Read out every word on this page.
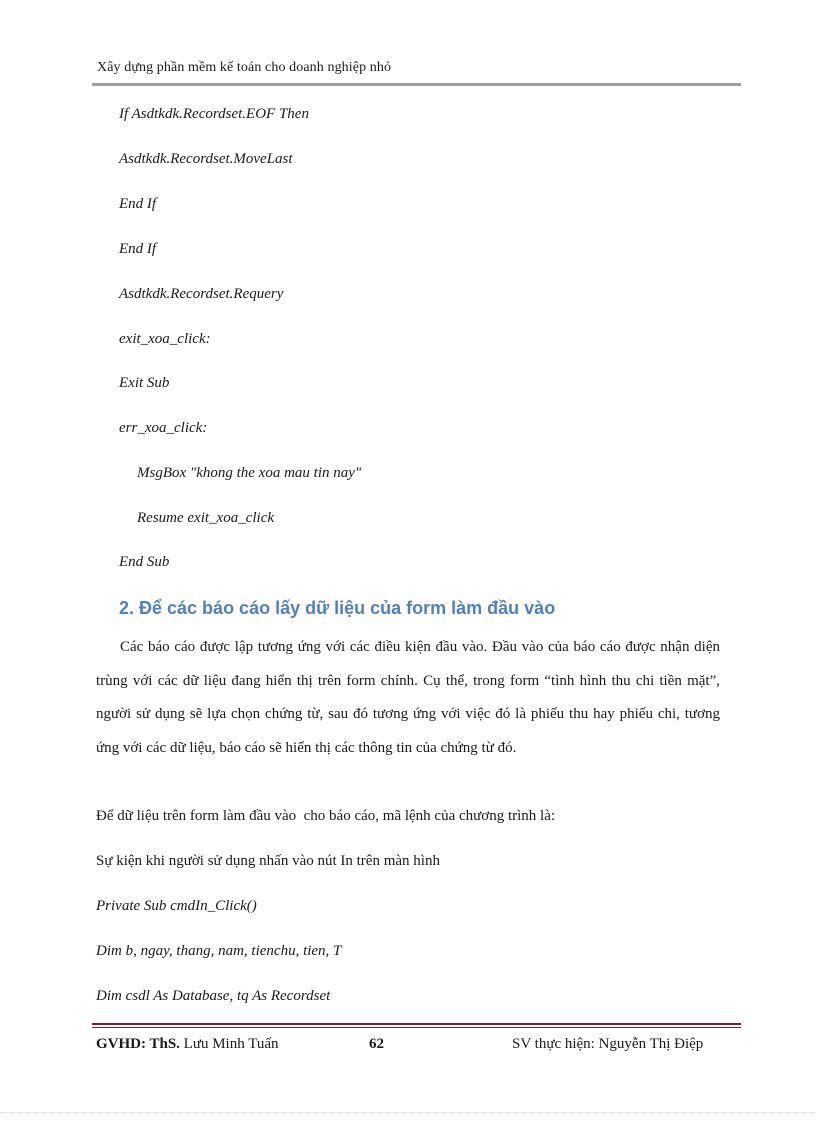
Xây dựng phần mềm kế toán cho doanh nghiệp nhỏ
If Asdtkdk.Recordset.EOF Then
Asdtkdk.Recordset.MoveLast
End If
End If
Asdtkdk.Recordset.Requery
exit_xoa_click:
Exit Sub
err_xoa_click:
MsgBox "khong the xoa mau tin nay"
Resume exit_xoa_click
End Sub
2. Để các báo cáo lấy dữ liệu của form làm đầu vào
Các báo cáo được lập tương ứng với các điều kiện đầu vào. Đầu vào của báo cáo được nhận diện trùng với các dữ liệu đang hiển thị trên form chính. Cụ thể, trong form “tình hình thu chi tiền mặt”, người sử dụng sẽ lựa chọn chứng từ, sau đó tương ứng với việc đó là phiếu thu hay phiếu chi, tương ứng với các dữ liệu, báo cáo sẽ hiển thị các thông tin của chứng từ đó.
Để dữ liệu trên form làm đầu vào  cho báo cáo, mã lệnh của chương trình là:
Sự kiện khi người sử dụng nhấn vào nút In trên màn hình
Private Sub cmdIn_Click()
Dim b, ngay, thang, nam, tienchu, tien, T
Dim csdl As Database, tq As Recordset
GVHD: ThS. Lưu Minh Tuấn	62	SV thực hiện: Nguyễn Thị Điệp
